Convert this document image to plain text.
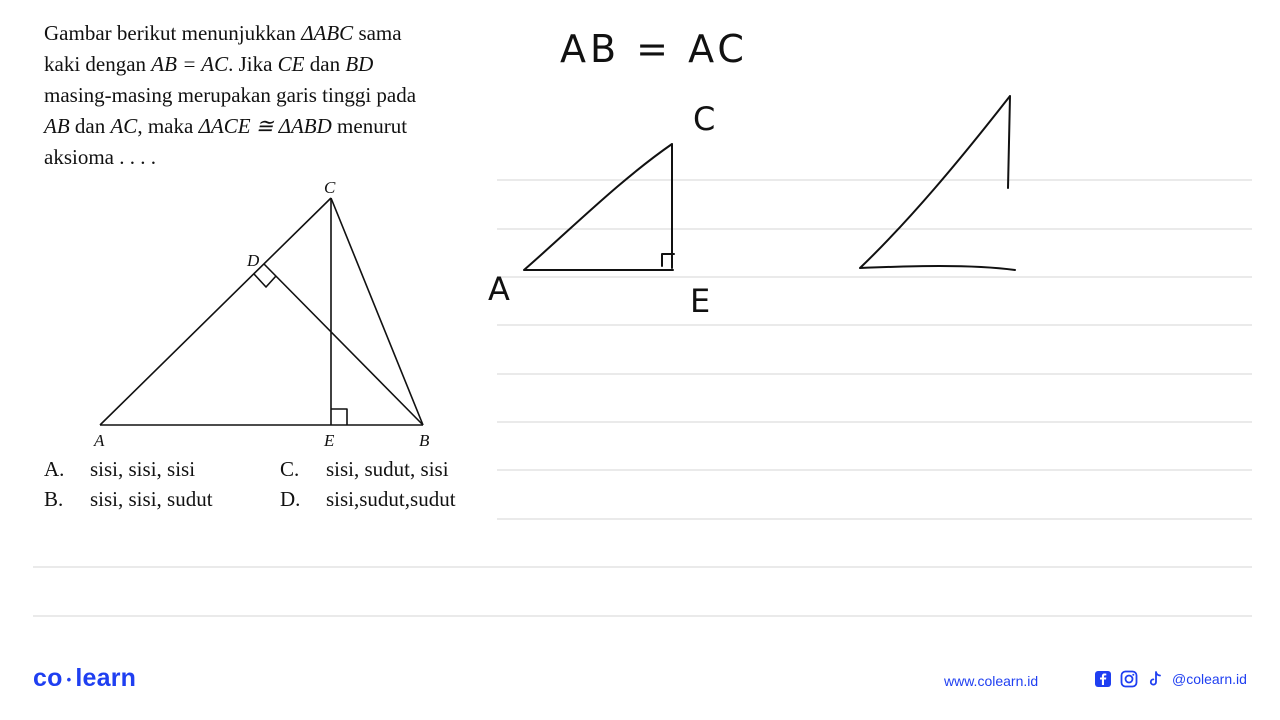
Gambar berikut menunjukkan ΔABC sama
kaki dengan AB = AC. Jika CE dan BD
masing-masing merupakan garis tinggi pada
AB dan AC, maka ΔACE ≅ ΔABD menurut
aksioma . . . .
C
D
A	E	B
A. sisi, sisi, sisi
B. sisi, sisi, sudut
C. sisi, sudut, sisi
D. sisi,sudut,sudut
AB = AC
C
A	E
co • learn	www.colearn.id	@colearn.id
